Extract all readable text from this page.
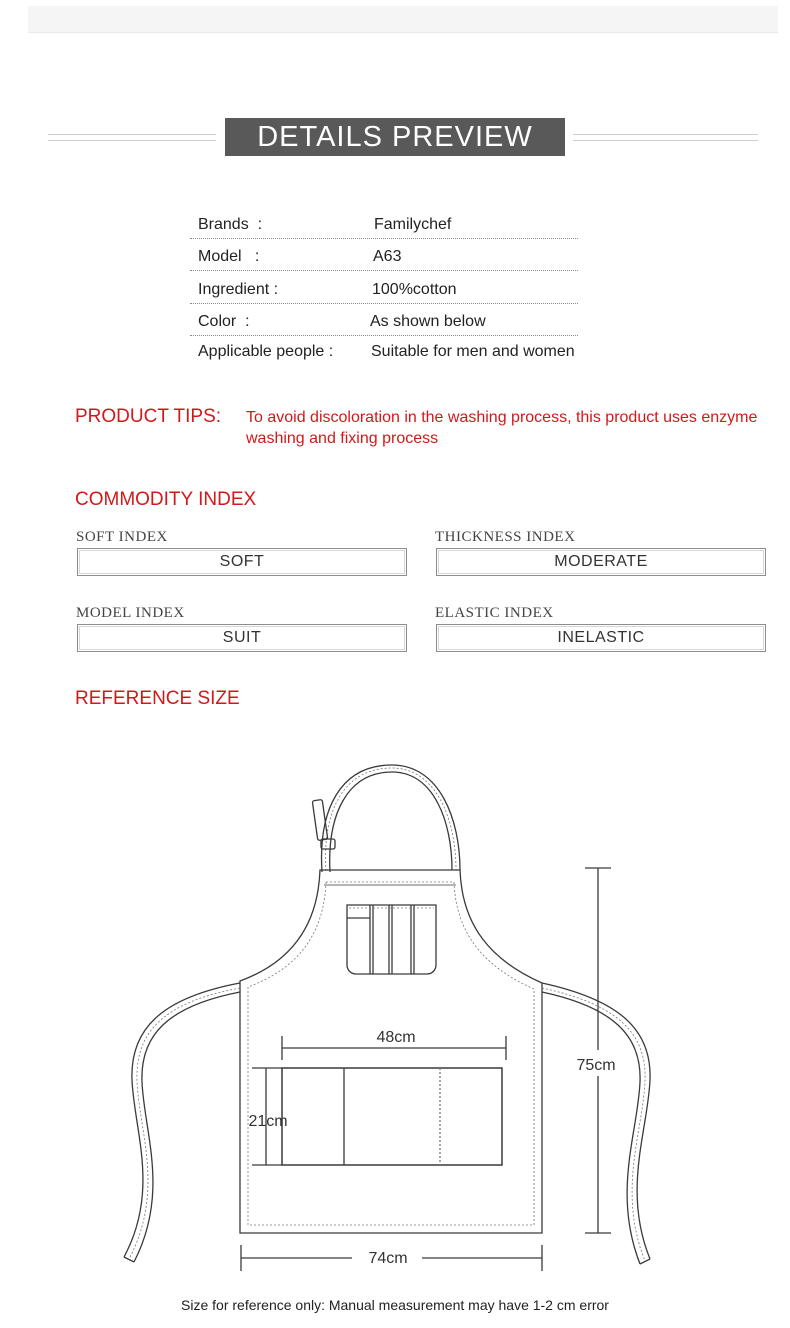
DETAILS PREVIEW
Brands  :	Familychef
Model   :	A63
Ingredient :	100%cotton
Color  :	As shown below
Applicable people : Suitable for men and women
PRODUCT TIPS: To avoid discoloration in the washing process, this product uses enzyme washing and fixing process
COMMODITY INDEX
SOFT INDEX
SOFT
THICKNESS INDEX
MODERATE
MODEL INDEX
SUIT
ELASTIC INDEX
INELASTIC
REFERENCE SIZE
48cm
21cm
75cm
74cm
Size for reference only: Manual measurement may have 1-2 cm error
